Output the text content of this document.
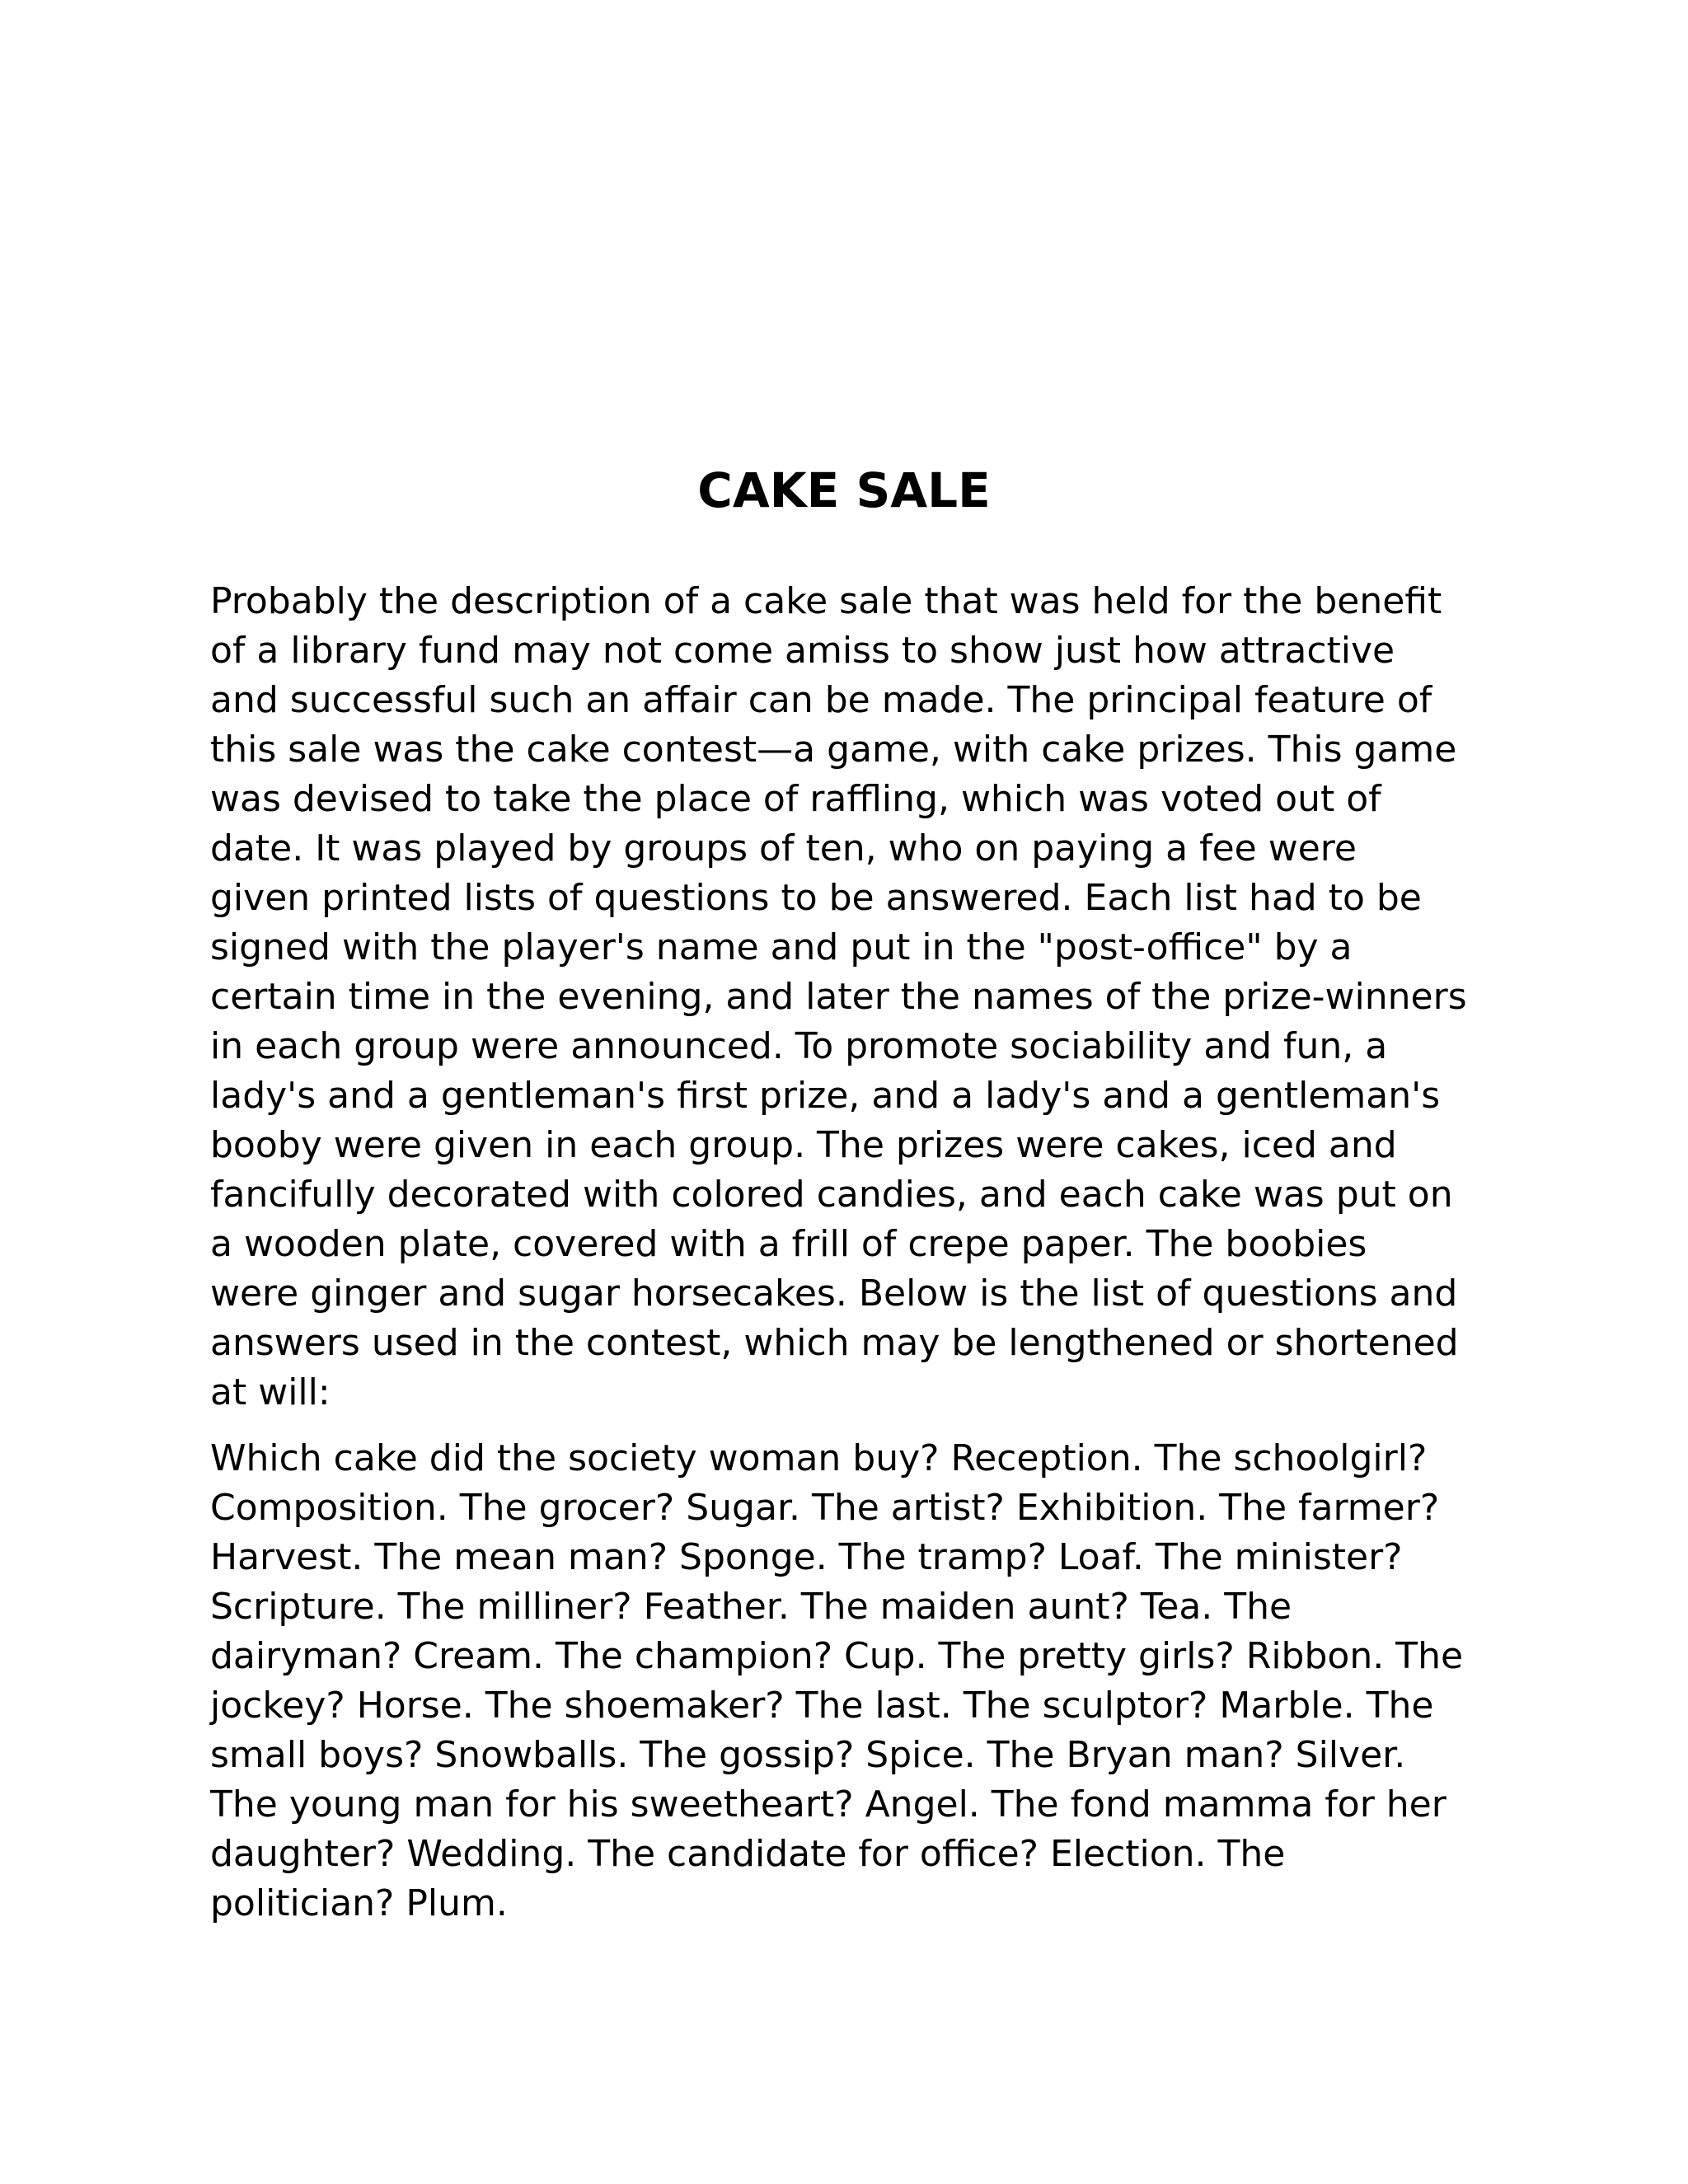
CAKE SALE

Probably the description of a cake sale that was held for the benefit
of a library fund may not come amiss to show just how attractive
and successful such an affair can be made. The principal feature of
this sale was the cake contest—a game, with cake prizes. This game
was devised to take the place of raffling, which was voted out of
date. It was played by groups of ten, who on paying a fee were
given printed lists of questions to be answered. Each list had to be
signed with the player's name and put in the "post-office" by a
certain time in the evening, and later the names of the prize-winners
in each group were announced. To promote sociability and fun, a
lady's and a gentleman's first prize, and a lady's and a gentleman's
booby were given in each group. The prizes were cakes, iced and
fancifully decorated with colored candies, and each cake was put on
a wooden plate, covered with a frill of crepe paper. The boobies
were ginger and sugar horsecakes. Below is the list of questions and
answers used in the contest, which may be lengthened or shortened
at will:

Which cake did the society woman buy? Reception. The schoolgirl?
Composition. The grocer? Sugar. The artist? Exhibition. The farmer?
Harvest. The mean man? Sponge. The tramp? Loaf. The minister?
Scripture. The milliner? Feather. The maiden aunt? Tea. The
dairyman? Cream. The champion? Cup. The pretty girls? Ribbon. The
jockey? Horse. The shoemaker? The last. The sculptor? Marble. The
small boys? Snowballs. The gossip? Spice. The Bryan man? Silver.
The young man for his sweetheart? Angel. The fond mamma for her
daughter? Wedding. The candidate for office? Election. The
politician? Plum.
